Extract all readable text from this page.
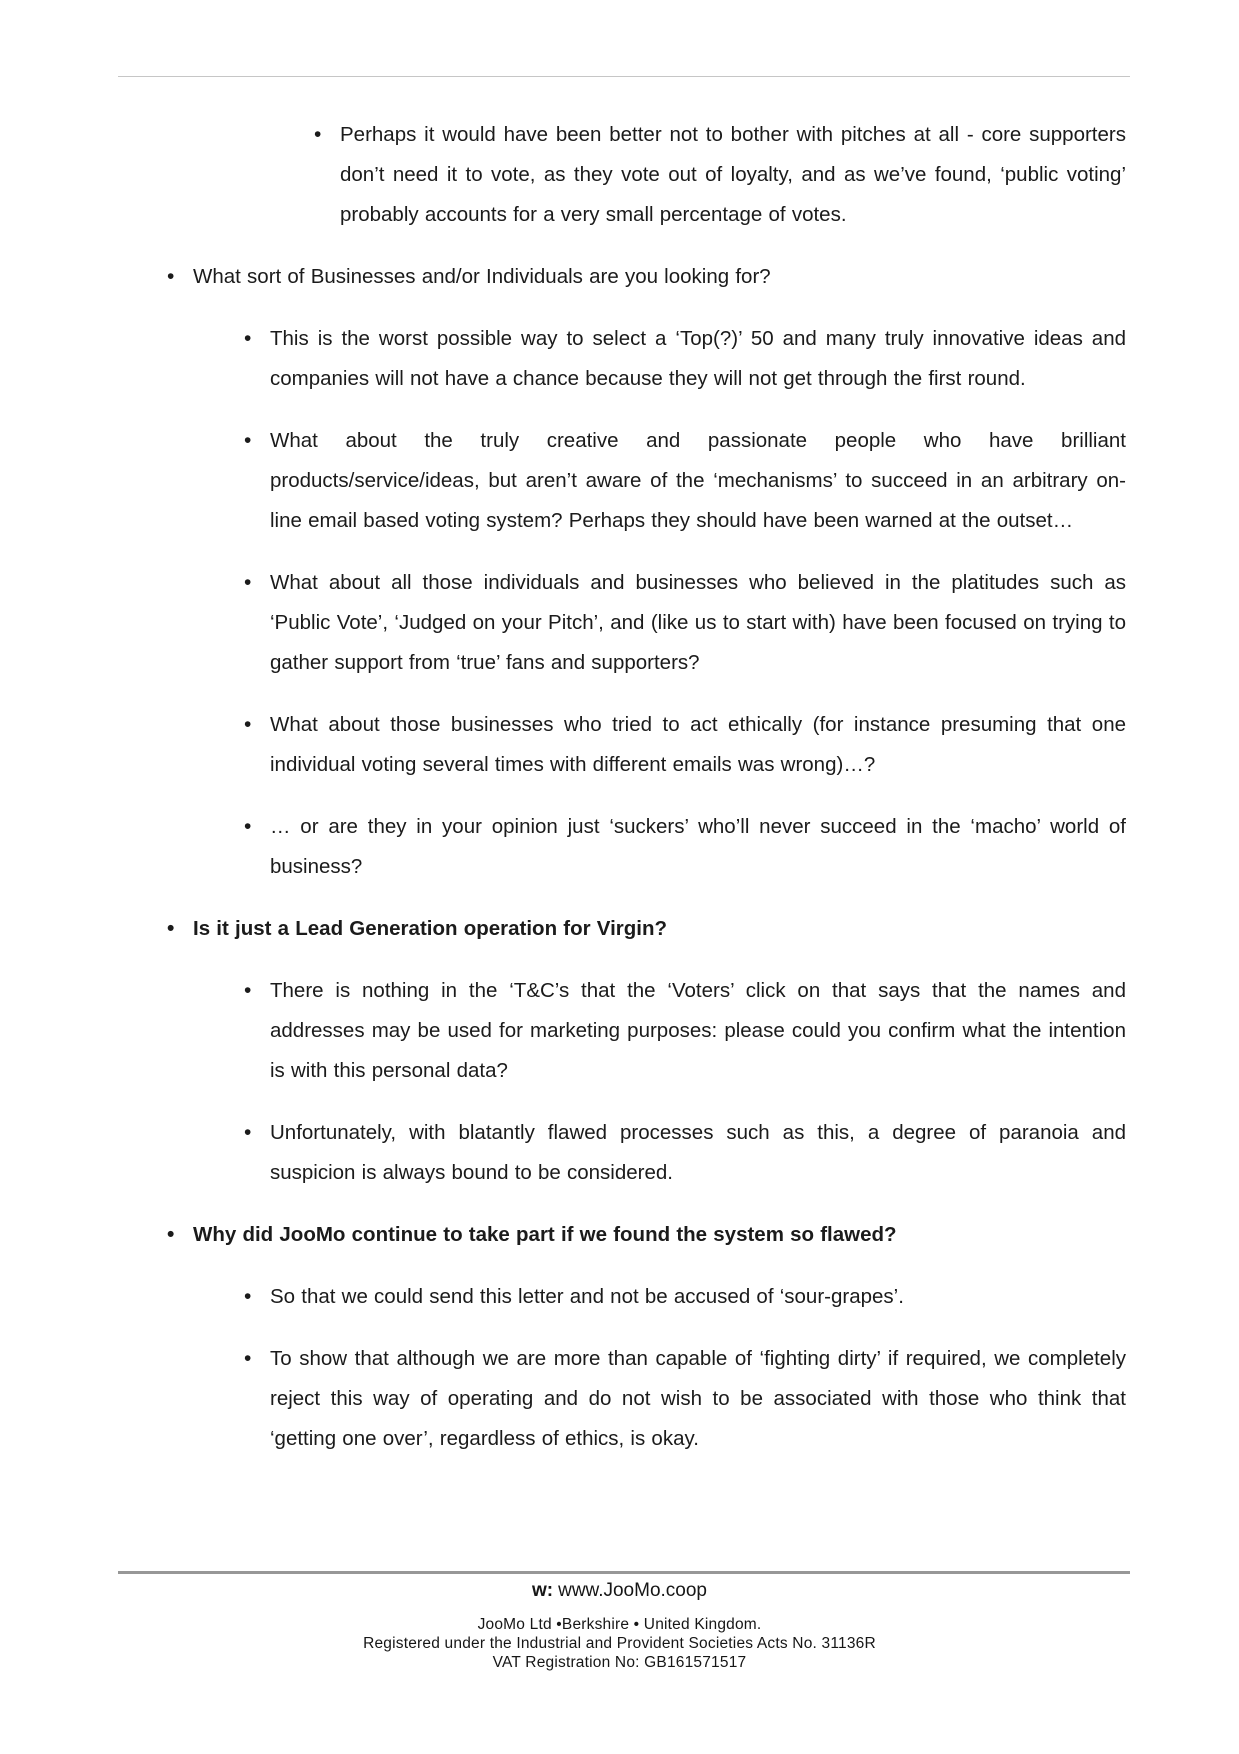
• Perhaps it would have been better not to bother with pitches at all - core supporters don’t need it to vote, as they vote out of loyalty, and as we’ve found, ‘public voting’ probably accounts for a very small percentage of votes.
• What sort of Businesses and/or Individuals are you looking for?
• This is the worst possible way to select a ‘Top(?)’ 50 and many truly innovative ideas and companies will not have a chance because they will not get through the first round.
• What about the truly creative and passionate people who have brilliant products/service/ideas, but aren’t aware of the ‘mechanisms’ to succeed in an arbitrary on-line email based voting system? Perhaps they should have been warned at the outset…
• What about all those individuals and businesses who believed in the platitudes such as ‘Public Vote’, ‘Judged on your Pitch’, and (like us to start with) have been focused on trying to gather support from ‘true’ fans and supporters?
• What about those businesses who tried to act ethically (for instance presuming that one individual voting several times with different emails was wrong)…?
• … or are they in your opinion just ‘suckers’ who’ll never succeed in the ‘macho’ world of business?
• Is it just a Lead Generation operation for Virgin?
• There is nothing in the ‘T&C’s that the ‘Voters’ click on that says that the names and addresses may be used for marketing purposes: please could you confirm what the intention is with this personal data?
• Unfortunately, with blatantly flawed processes such as this, a degree of paranoia and suspicion is always bound to be considered.
• Why did JooMo continue to take part if we found the system so flawed?
• So that we could send this letter and not be accused of ‘sour-grapes’.
• To show that although we are more than capable of ‘fighting dirty’ if required, we completely reject this way of operating and do not wish to be associated with those who think that ‘getting one over’, regardless of ethics, is okay.
w: www.JooMo.coop
JooMo Ltd •Berkshire • United Kingdom.
Registered under the Industrial and Provident Societies Acts No. 31136R
VAT Registration No: GB161571517
